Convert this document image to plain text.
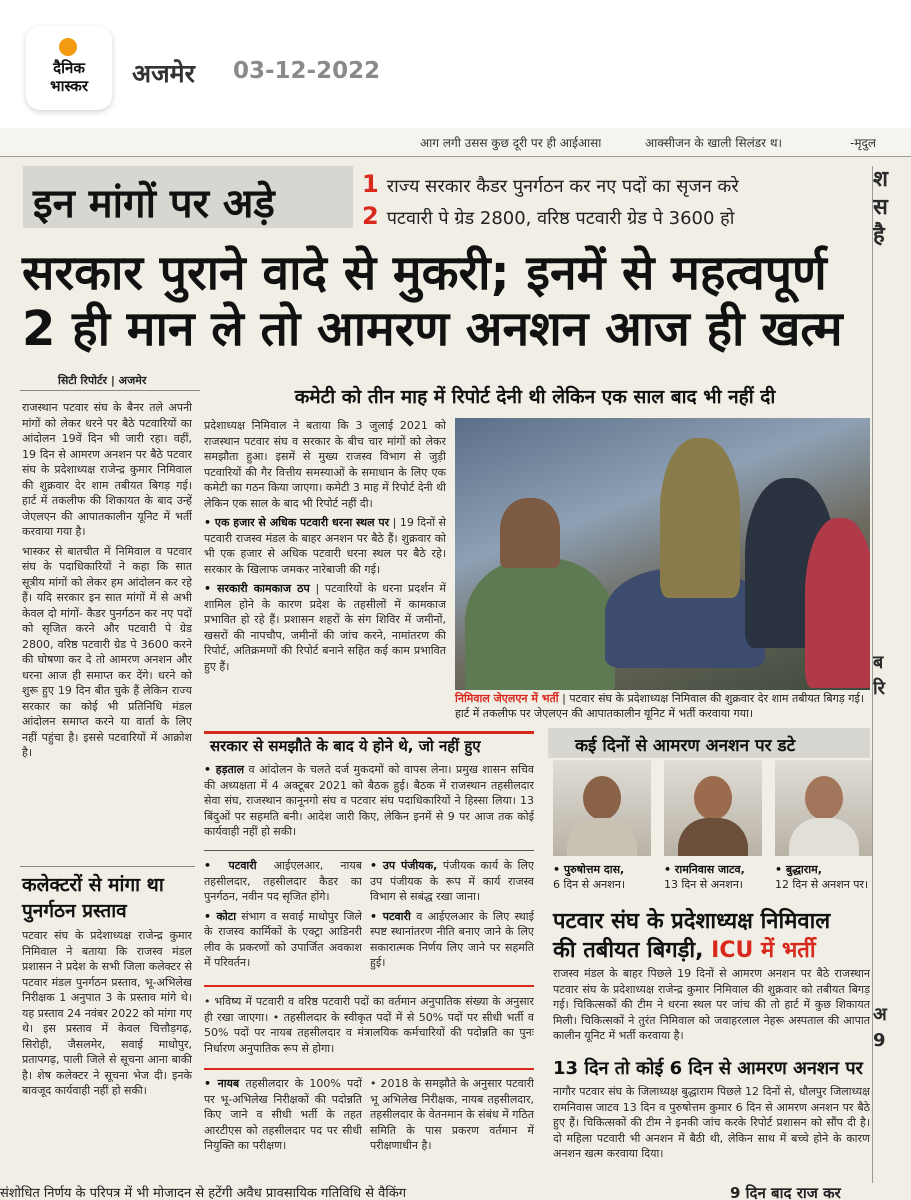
दैनिक
भास्कर	अजमेर 03-12-2022
आग लगी उसस कुछ दूरी पर ही आईआसा	आक्सीजन के खाली सिलंडर थ।	-मृदुल
इन मांगों पर अड़े	1 राज्य सरकार कैडर पुनर्गठन कर नए पदों का सृजन करे
2 पटवारी पे ग्रेड 2800, वरिष्ठ पटवारी ग्रेड पे 3600 हो
सरकार पुराने वादे से मुकरी; इनमें से महत्वपूर्ण
2 ही मान ले तो आमरण अनशन आज ही खत्म
सिटी रिपोर्टर | अजमेर
कमेटी को तीन माह में रिपोर्ट देनी थी लेकिन एक साल बाद भी नहीं दी

राजस्थान पटवार संघ के बैनर तले अपनी मांगों को लेकर धरने पर बैठे पटवारियों का आंदोलन 19वें दिन भी जारी रहा। वहीं, 19 दिन से आमरण अनशन पर बैठे पटवार संघ के प्रदेशाध्यक्ष राजेन्द्र कुमार निमिवाल की शुक्रवार देर शाम तबीयत बिगड़ गई। हार्ट में तकलीफ की शिकायत के बाद उन्हें जेएलएन की आपातकालीन यूनिट में भर्ती करवाया गया है।

भास्कर से बातचीत में निमिवाल व पटवार संघ के पदाधिकारियों ने कहा कि सात सूत्रीय मांगों को लेकर हम आंदोलन कर रहे हैं। यदि सरकार इन सात मांगों में से अभी केवल दो मांगों- कैडर पुनर्गठन कर नए पदों को सृजित करने और पटवारी पे ग्रेड 2800, वरिष्ठ पटवारी ग्रेड पे 3600 करने की घोषणा कर दे तो आमरण अनशन और धरना आज ही समाप्त कर देंगे। धरने को शुरू हुए 19 दिन बीत चुके हैं लेकिन राज्य सरकार का कोई भी प्रतिनिधि मंडल आंदोलन समाप्त करने या वार्ता के लिए नहीं पहुंचा है। इससे पटवारियों में आक्रोश है।

कलेक्टरों से मांगा था पुनर्गठन प्रस्ताव

पटवार संघ के प्रदेशाध्यक्ष राजेन्द्र कुमार निमिवाल ने बताया कि राजस्व मंडल प्रशासन ने प्रदेश के सभी जिला कलेक्टर से पटवार मंडल पुनर्गठन प्रस्ताव, भू-अभिलेख निरीक्षक 1 अनुपात 3 के प्रस्ताव मांगे थे। यह प्रस्ताव 24 नवंबर 2022 को मांगा गए थे। इस प्रस्ताव में केवल चित्तौड़गढ़, सिरोही, जैसलमेर, सवाई माधोपुर, प्रतापगढ़, पाली जिले से सूचना आना बाकी है। शेष कलेक्टर ने सूचना भेज दी। इनके बावजूद कार्यवाही नहीं हो सकी।

प्रदेशाध्यक्ष निमिवाल ने बताया कि 3 जुलाई 2021 को राजस्थान पटवार संघ व सरकार के बीच चार मांगों को लेकर समझौता हुआ। इसमें से मुख्य राजस्व विभाग से जुड़ी पटवारियों की गैर वित्तीय समस्याओं के समाधान के लिए एक कमेटी का गठन किया जाएगा। कमेटी 3 माह में रिपोर्ट देनी थी लेकिन एक साल के बाद भी रिपोर्ट नहीं दी।

• एक हजार से अधिक पटवारी धरना स्थल पर | 19 दिनों से पटवारी राजस्व मंडल के बाहर अनशन पर बैठे हैं। शुक्रवार को भी एक हजार से अधिक पटवारी धरना स्थल पर बैठे रहे। सरकार के खिलाफ जमकर नारेबाजी की गई।

• सरकारी कामकाज ठप | पटवारियों के धरना प्रदर्शन में शामिल होने के कारण प्रदेश के तहसीलों में कामकाज प्रभावित हो रहे हैं। प्रशासन शहरों के संग शिविर में जमीनों, खसरों की नापचौप, जमीनों की जांच करने, नामांतरण की रिपोर्ट, अतिक्रमणों की रिपोर्ट बनाने सहित कई काम प्रभावित हुए हैं।

निमिवाल जेएलएन में भर्ती | पटवार संघ के प्रदेशाध्यक्ष निमिवाल की शुक्रवार देर शाम तबीयत बिगड़ गई। हार्ट में तकलीफ पर जेएलएन की आपातकालीन यूनिट में भर्ती करवाया गया।
सरकार से समझौते के बाद ये होने थे, जो नहीं हुए

• हड़ताल व आंदोलन के चलते दर्ज मुकदमों को वापस लेना। प्रमुख शासन सचिव की अध्यक्षता में 4 अक्टूबर 2021 को बैठक हुई। बैठक में राजस्थान तहसीलदार सेवा संघ, राजस्थान कानूनगो संघ व पटवार संघ पदाधिकारियों ने हिस्सा लिया। 13 बिंदुओं पर सहमति बनी। आदेश जारी किए, लेकिन इनमें से 9 पर आज तक कोई कार्यवाही नहीं हो सकी।

• पटवारी आईएलआर, नायब तहसीलदार, तहसीलदार कैडर का पुनर्गठन, नवीन पद सृजित होंगे।

• कोटा संभाग व सवाई माधोपुर जिले के राजस्व कार्मिकों के एक्ट्रा आडिनरी लीव के प्रकरणों को उपार्जित अवकाश में परिवर्तन।

• उप पंजीयक, पंजीयक कार्य के लिए उप पंजीयक के रूप में कार्य राजस्व विभाग से सबंद्ध रखा जाना।

• पटवारी व आईएलआर के लिए स्थाई स्पष्ट स्थानांतरण नीति बनाए जाने के लिए सकारात्मक निर्णय लिए जाने पर सहमति हुई।

• भविष्य में पटवारी व वरिष्ठ पटवारी पदों का वर्तमान अनुपातिक संख्या के अनुसार ही रखा जाएगा। • तहसीलदार के स्वीकृत पदों में से 50% पदों पर सीधी भर्ती व 50% पदों पर नायब तहसीलदार व मंत्रालयिक कर्मचारियों की पदोन्नति का पुनः निर्धारण अनुपातिक रूप से होगा।

• नायब तहसीलदार के 100% पदों पर भू-अभिलेख निरीक्षकों की पदोन्नति किए जाने व सीधी भर्ती के तहत आरटीएस को तहसीलदार पद पर सीधी नियुक्ति का परीक्षण।

• 2018 के समझौते के अनुसार पटवारी भू अभिलेख निरीक्षक, नायब तहसीलदार, तहसीलदार के वेतनमान के संबंध में गठित समिति के पास प्रकरण वर्तमान में परीक्षणाधीन है।

कई दिनों से आमरण अनशन पर डटे
• पुरुषोत्तम दास,
6 दिन से अनशन।
• रामनिवास जाटव,
13 दिन से अनशन।
• बुद्धाराम,
12 दिन से अनशन पर।
पटवार संघ के प्रदेशाध्यक्ष निमिवाल
की तबीयत बिगड़ी, ICU में भर्ती

राजस्व मंडल के बाहर पिछले 19 दिनों से आमरण अनशन पर बैठे राजस्थान पटवार संघ के प्रदेशाध्यक्ष राजेन्द्र कुमार निमिवाल की शुक्रवार को तबीयत बिगड़ गई। चिकित्सकों की टीम ने धरना स्थल पर जांच की तो हार्ट में कुछ शिकायत मिली। चिकित्सकों ने तुरंत निमिवाल को जवाहरलाल नेहरू अस्पताल की आपात कालीन यूनिट में भर्ती करवाया है।

13 दिन तो कोई 6 दिन से आमरण अनशन पर

नागौर पटवार संघ के जिलाध्यक्ष बुद्धाराम पिछले 12 दिनों से, धौलपुर जिलाध्यक्ष रामनिवास जाटव 13 दिन व पुरुषोत्तम कुमार 6 दिन से आमरण अनशन पर बैठे हुए हैं। चिकित्सकों की टीम ने इनकी जांच करके रिपोर्ट प्रशासन को सौंप दी है। दो महिला पटवारी भी अनशन में बैठी थी, लेकिन साथ में बच्चे होने के कारण अनशन खत्म करवाया दिया।

श
स
है
ब
रि
अ
9
संशोधित निर्णय के परिपत्र में भी मोजादन से हटेंगी अवैध प्रावसायिक गतिविधि से वैकिंग	9 दिन बाद राज कर
